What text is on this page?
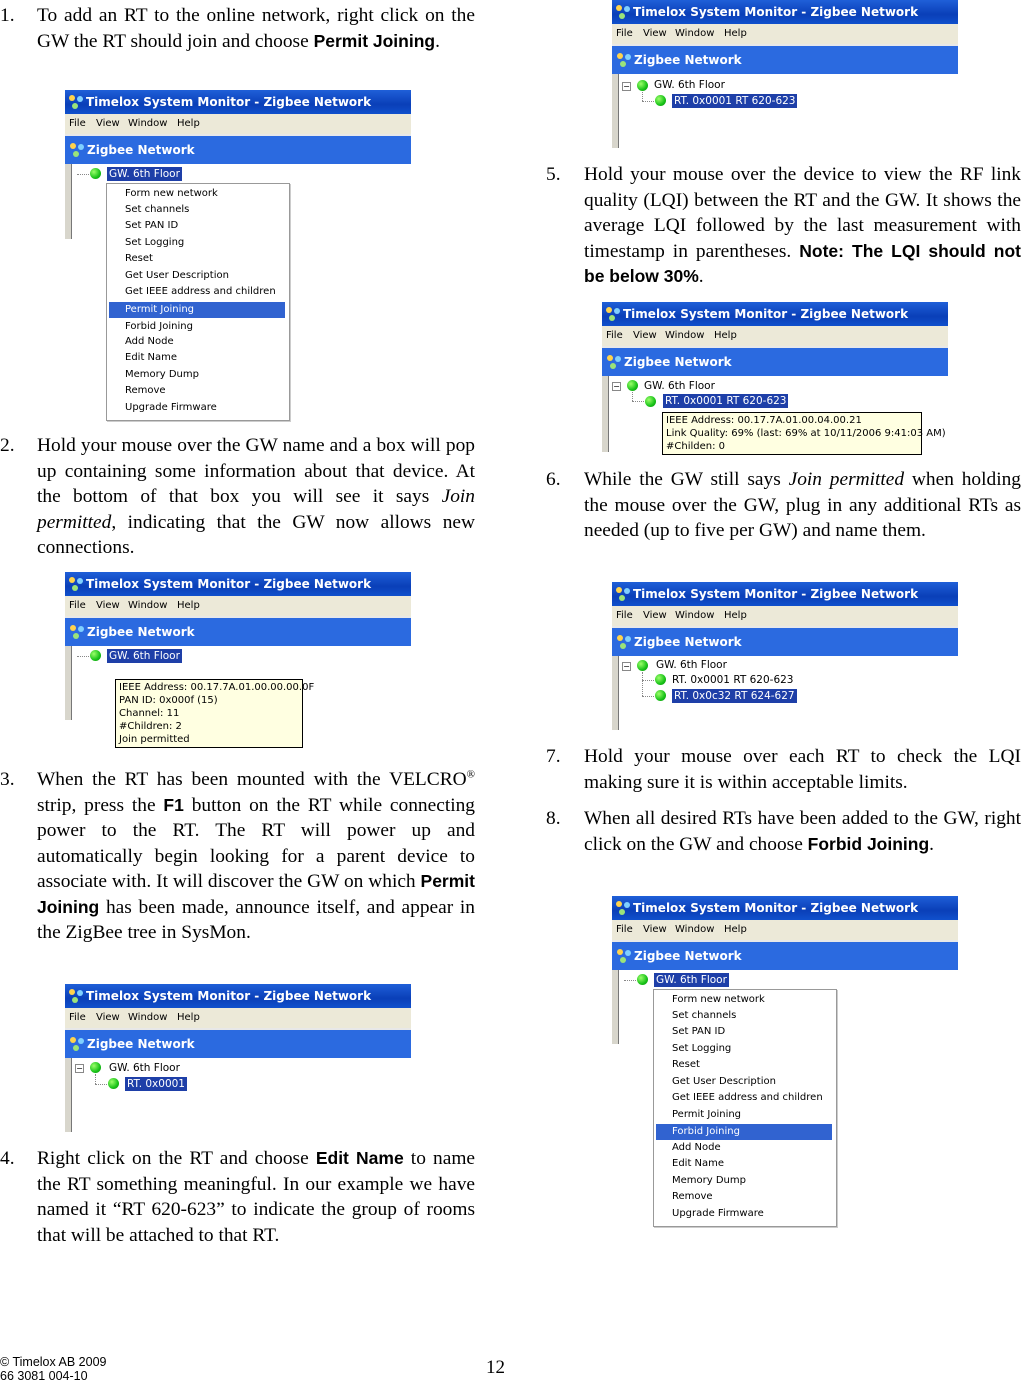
1. To add an RT to the online network, right click on the GW the RT should join and choose Permit Joining.
Timelox System Monitor - Zigbee Network
File View Window Help
Zigbee Network
GW. 6th Floor
Form new network
Set channels
Set PAN ID
Set Logging
Reset
Get User Description
Get IEEE address and children
Permit Joining
Forbid Joining
Add Node
Edit Name
Memory Dump
Remove
Upgrade Firmware
2. Hold your mouse over the GW name and a box will pop up containing some information about that device. At the bottom of that box you will see it says Join permitted, indicating that the GW now allows new connections.
Timelox System Monitor - Zigbee Network
File View Window Help
Zigbee Network
GW. 6th Floor
IEEE Address: 00.17.7A.01.00.00.00.0F
PAN ID: 0x000f (15)
Channel: 11
#Children: 2
Join permitted
3. When the RT has been mounted with the VELCRO® strip, press the F1 button on the RT while connecting power to the RT. The RT will power up and automatically begin looking for a parent device to associate with. It will discover the GW on which Permit Joining has been made, announce itself, and appear in the ZigBee tree in SysMon.
Timelox System Monitor - Zigbee Network
File View Window Help
Zigbee Network
− GW. 6th Floor
RT. 0x0001
4. Right click on the RT and choose Edit Name to name the RT something meaningful. In our example we have named it “RT 620-623” to indicate the group of rooms that will be attached to that RT.
Timelox System Monitor - Zigbee Network
File View Window Help
Zigbee Network
− GW. 6th Floor
RT. 0x0001 RT 620-623
5. Hold your mouse over the device to view the RF link quality (LQI) between the RT and the GW. It shows the average LQI followed by the last measurement with timestamp in parentheses. Note: The LQI should not be below 30%.
Timelox System Monitor - Zigbee Network
File View Window Help
Zigbee Network
− GW. 6th Floor
RT. 0x0001 RT 620-623
IEEE Address: 00.17.7A.01.00.04.00.21
Link Quality: 69% (last: 69% at 10/11/2006 9:41:03 AM)
#Childen: 0
6. While the GW still says Join permitted when holding the mouse over the GW, plug in any additional RTs as needed (up to five per GW) and name them.
Timelox System Monitor - Zigbee Network
File View Window Help
Zigbee Network
− GW. 6th Floor
RT. 0x0001 RT 620-623
RT. 0x0c32 RT 624-627
7. Hold your mouse over each RT to check the LQI making sure it is within acceptable limits.
8. When all desired RTs have been added to the GW, right click on the GW and choose Forbid Joining.
Timelox System Monitor - Zigbee Network
File View Window Help
Zigbee Network
GW. 6th Floor
Form new network
Set channels
Set PAN ID
Set Logging
Reset
Get User Description
Get IEEE address and children
Permit Joining
Forbid Joining
Add Node
Edit Name
Memory Dump
Remove
Upgrade Firmware
© Timelox AB 2009
66 3081 004-10	12
